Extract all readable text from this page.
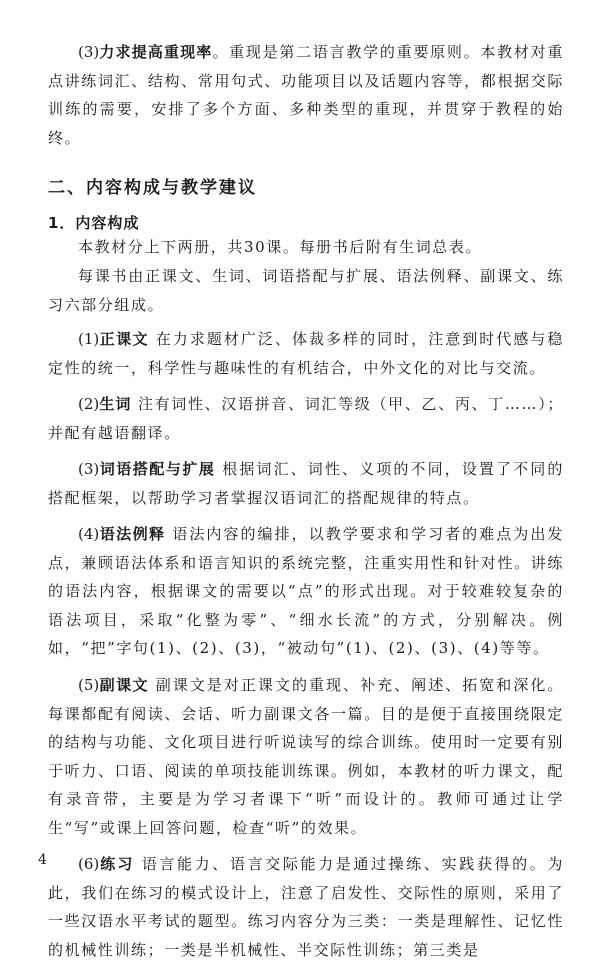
(3)力求提高重现率。重现是第二语言教学的重要原则。本教材对重点讲练词汇、结构、常用句式、功能项目以及话题内容等，都根据交际训练的需要，安排了多个方面、多种类型的重现，并贯穿于教程的始终。

二、内容构成与教学建议
1．内容构成

本教材分上下两册，共30课。每册书后附有生词总表。

每课书由正课文、生词、词语搭配与扩展、语法例释、副课文、练习六部分组成。

(1)正课文 在力求题材广泛、体裁多样的同时，注意到时代感与稳定性的统一，科学性与趣味性的有机结合，中外文化的对比与交流。

(2)生词 注有词性、汉语拼音、词汇等级（甲、乙、丙、丁……）；并配有越语翻译。

(3)词语搭配与扩展 根据词汇、词性、义项的不同，设置了不同的搭配框架，以帮助学习者掌握汉语词汇的搭配规律的特点。

(4)语法例释 语法内容的编排，以教学要求和学习者的难点为出发点，兼顾语法体系和语言知识的系统完整，注重实用性和针对性。讲练的语法内容，根据课文的需要以“点”的形式出现。对于较难较复杂的语法项目，采取“化整为零”、“细水长流”的方式，分别解决。例如，“把”字句(1)、(2)、(3)，“被动句”(1)、(2)、(3)、(4)等等。

(5)副课文 副课文是对正课文的重现、补充、阐述、拓宽和深化。每课都配有阅读、会话、听力副课文各一篇。目的是便于直接围绕限定的结构与功能、文化项目进行听说读写的综合训练。使用时一定要有别于听力、口语、阅读的单项技能训练课。例如，本教材的听力课文，配有录音带，主要是为学习者课下“听”而设计的。教师可通过让学生“写”或课上回答问题，检查“听”的效果。

(6)练习 语言能力、语言交际能力是通过操练、实践获得的。为此，我们在练习的模式设计上，注意了启发性、交际性的原则，采用了一些汉语水平考试的题型。练习内容分为三类：一类是理解性、记忆性的机械性训练；一类是半机械性、半交际性训练；第三类是

4
